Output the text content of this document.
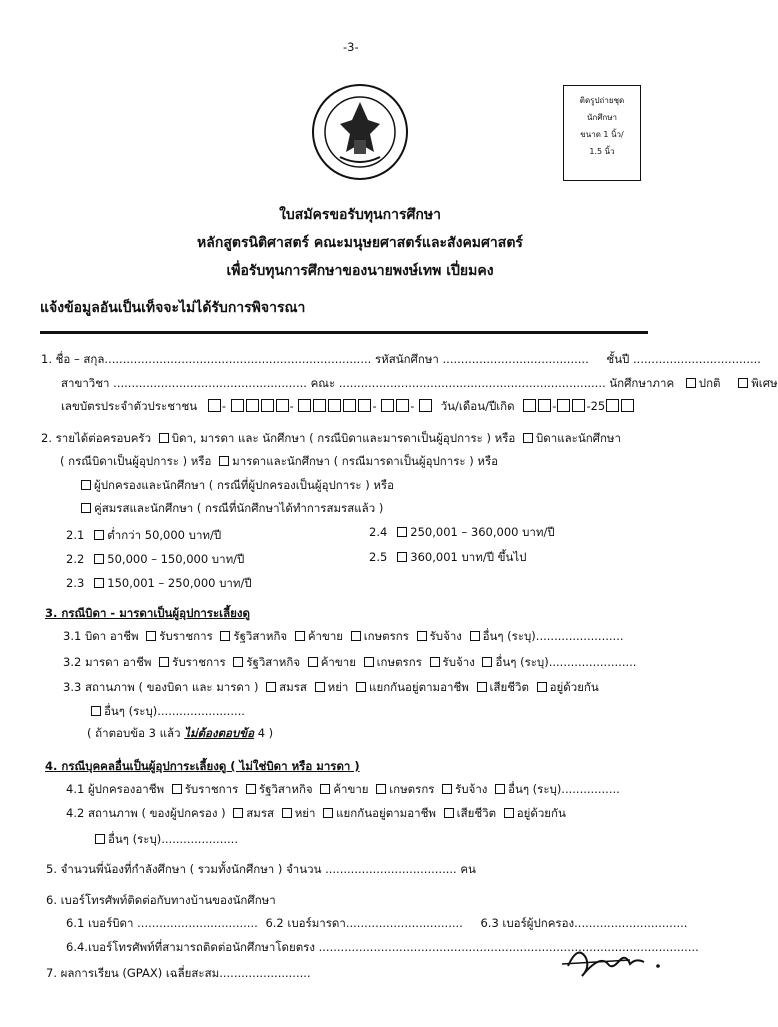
-3-
ติดรูปถ่ายชุด
นักศึกษา
ขนาด 1 นิ้ว/
1.5 นิ้ว
ใบสมัครขอรับทุนการศึกษา
หลักสูตรนิติศาสตร์ คณะมนุษยศาสตร์และสังคมศาสตร์
เพื่อรับทุนการศึกษาของนายพงษ์เทพ เปี่ยมคง
แจ้งข้อมูลอันเป็นเท็จจะไม่ได้รับการพิจารณา
1. ชื่อ – สกุล......................................................................... รหัสนักศึกษา ........................................ ชั้นปี ...................................
สาขาวิชา ..................................................... คณะ ......................................................................... นักศึกษาภาค ปกติ	พิเศษ
เลขบัตรประจำตัวประชาชน -	-	-	-  วัน/เดือน/ปีเกิด	-	-25
2. รายได้ต่อครอบครัว บิดา, มารดา และ นักศึกษา ( กรณีบิดาและมารดาเป็นผู้อุปการะ ) หรือ บิดาและนักศึกษา
( กรณีบิดาเป็นผู้อุปการะ ) หรือ มารดาและนักศึกษา ( กรณีมารดาเป็นผู้อุปการะ ) หรือ
ผู้ปกครองและนักศึกษา ( กรณีที่ผู้ปกครองเป็นผู้อุปการะ ) หรือ
คู่สมรสและนักศึกษา ( กรณีที่นักศึกษาได้ทำการสมรสแล้ว )
2.1 ต่ำกว่า 50,000 บาท/ปี
2.2 50,000 – 150,000 บาท/ปี
2.3 150,001 – 250,000 บาท/ปี
2.4 250,001 – 360,000 บาท/ปี
2.5 360,001 บาท/ปี ขึ้นไป
3. กรณีบิดา - มารดาเป็นผู้อุปการะเลี้ยงดู
3.1 บิดา อาชีพ รับราชการ รัฐวิสาหกิจ ค้าขาย เกษตรกร รับจ้าง อื่นๆ (ระบุ)........................
3.2 มารดา อาชีพ รับราชการ รัฐวิสาหกิจ ค้าขาย เกษตรกร รับจ้าง อื่นๆ (ระบุ)........................
3.3 สถานภาพ ( ของบิดา และ มารดา ) สมรส หย่า แยกกันอยู่ตามอาชีพ เสียชีวิต อยู่ด้วยกัน
อื่นๆ (ระบุ)........................
( ถ้าตอบข้อ 3 แล้ว ไม่ต้องตอบข้อ 4 )
4. กรณีบุคคลอื่นเป็นผู้อุปการะเลี้ยงดู ( ไม่ใช่บิดา หรือ มารดา )
4.1 ผู้ปกครองอาชีพ รับราชการ รัฐวิสาหกิจ ค้าขาย เกษตรกร รับจ้าง อื่นๆ (ระบุ)................
4.2 สถานภาพ ( ของผู้ปกครอง ) สมรส หย่า แยกกันอยู่ตามอาชีพ เสียชีวิต อยู่ด้วยกัน
อื่นๆ (ระบุ).....................
5. จำนวนพี่น้องที่กำลังศึกษา ( รวมทั้งนักศึกษา ) จำนวน .................................... คน
6. เบอร์โทรศัพท์ติดต่อกับทางบ้านของนักศึกษา
6.1 เบอร์บิดา ................................. 6.2 เบอร์มารดา................................ 6.3 เบอร์ผู้ปกครอง...............................
6.4.เบอร์โทรศัพท์ที่สามารถติดต่อนักศึกษาโดยตรง ........................................................................................................
7. ผลการเรียน (GPAX) เฉลี่ยสะสม.........................
